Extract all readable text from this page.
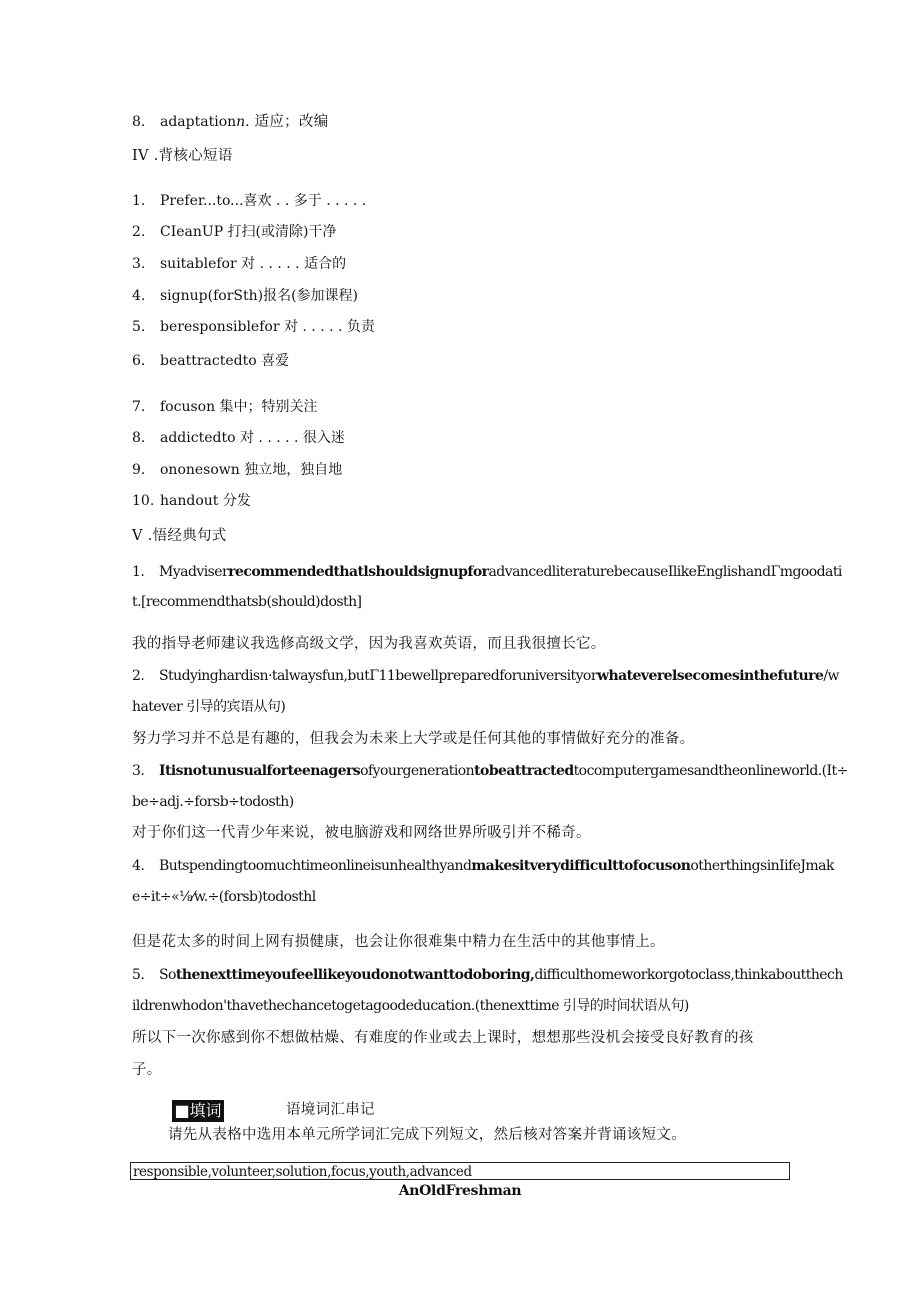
8. adaptationn. 适应；改编
IV .背核心短语
1. Prefer...to...喜欢 . . 多于 . . . . .
2. CIeanUP 打扫(或清除)干净
3. suitablefor 对 . . . . . 适合的
4. signup(forSth)报名(参加课程)
5. beresponsiblefor 对 . . . . . 负责
6. beattractedto 喜爱
7. focuson 集中；特别关注
8. addictedto 对 . . . . . 很入迷
9. ononesown 独立地，独自地
10. handout 分发
V .悟经典句式
1. MyadviserrecommendedthatlshouldsignupforadvancedliteraturebecauseIlikeEnglishandΓmgoodati
t.[recommendthatsb(should)dosth]
我的指导老师建议我选修高级文学，因为我喜欢英语，而且我很擅长它。
2. Studyinghardisn·talwaysfun,butΓ11bewellpreparedforuniversityorwhateverelsecomesinthefuture/w
hatever 引导的宾语从句)
努力学习并不总是有趣的，但我会为未来上大学或是任何其他的事情做好充分的准备。
3. Itisnotunusualforteenagersofyourgenerationtobeattractedtocomputergamesandtheonlineworld.(It÷
be÷adj.÷forsb÷todosth)
对于你们这一代青少年来说，被电脑游戏和网络世界所吸引并不稀奇。
4. ButspendingtoomuchtimeonlineisunhealthyandmakesitverydifficulttofocusonotherthingsinIifeJmak
e÷it÷«⅛⁄w.÷(forsb)todosthl
但是花太多的时间上网有损健康，也会让你很难集中精力在生活中的其他事情上。
5. Sothenexttimeyoufeellikeyoudonotwanttodoboring,difficulthomeworkorgotoclass,thinkaboutthech
ildrenwhodon'thavethechancetogetagoodeducation.(thenexttime 引导的时间状语从句)
所以下一次你感到你不想做枯燥、有难度的作业或去上课时，想想那些没机会接受良好教育的孩
子。
■填词	语境词汇串记
请先从表格中选用本单元所学词汇完成下列短文，然后核对答案并背诵该短文。
responsible,volunteer,solution,focus,youth,advanced
AnOldFreshman
